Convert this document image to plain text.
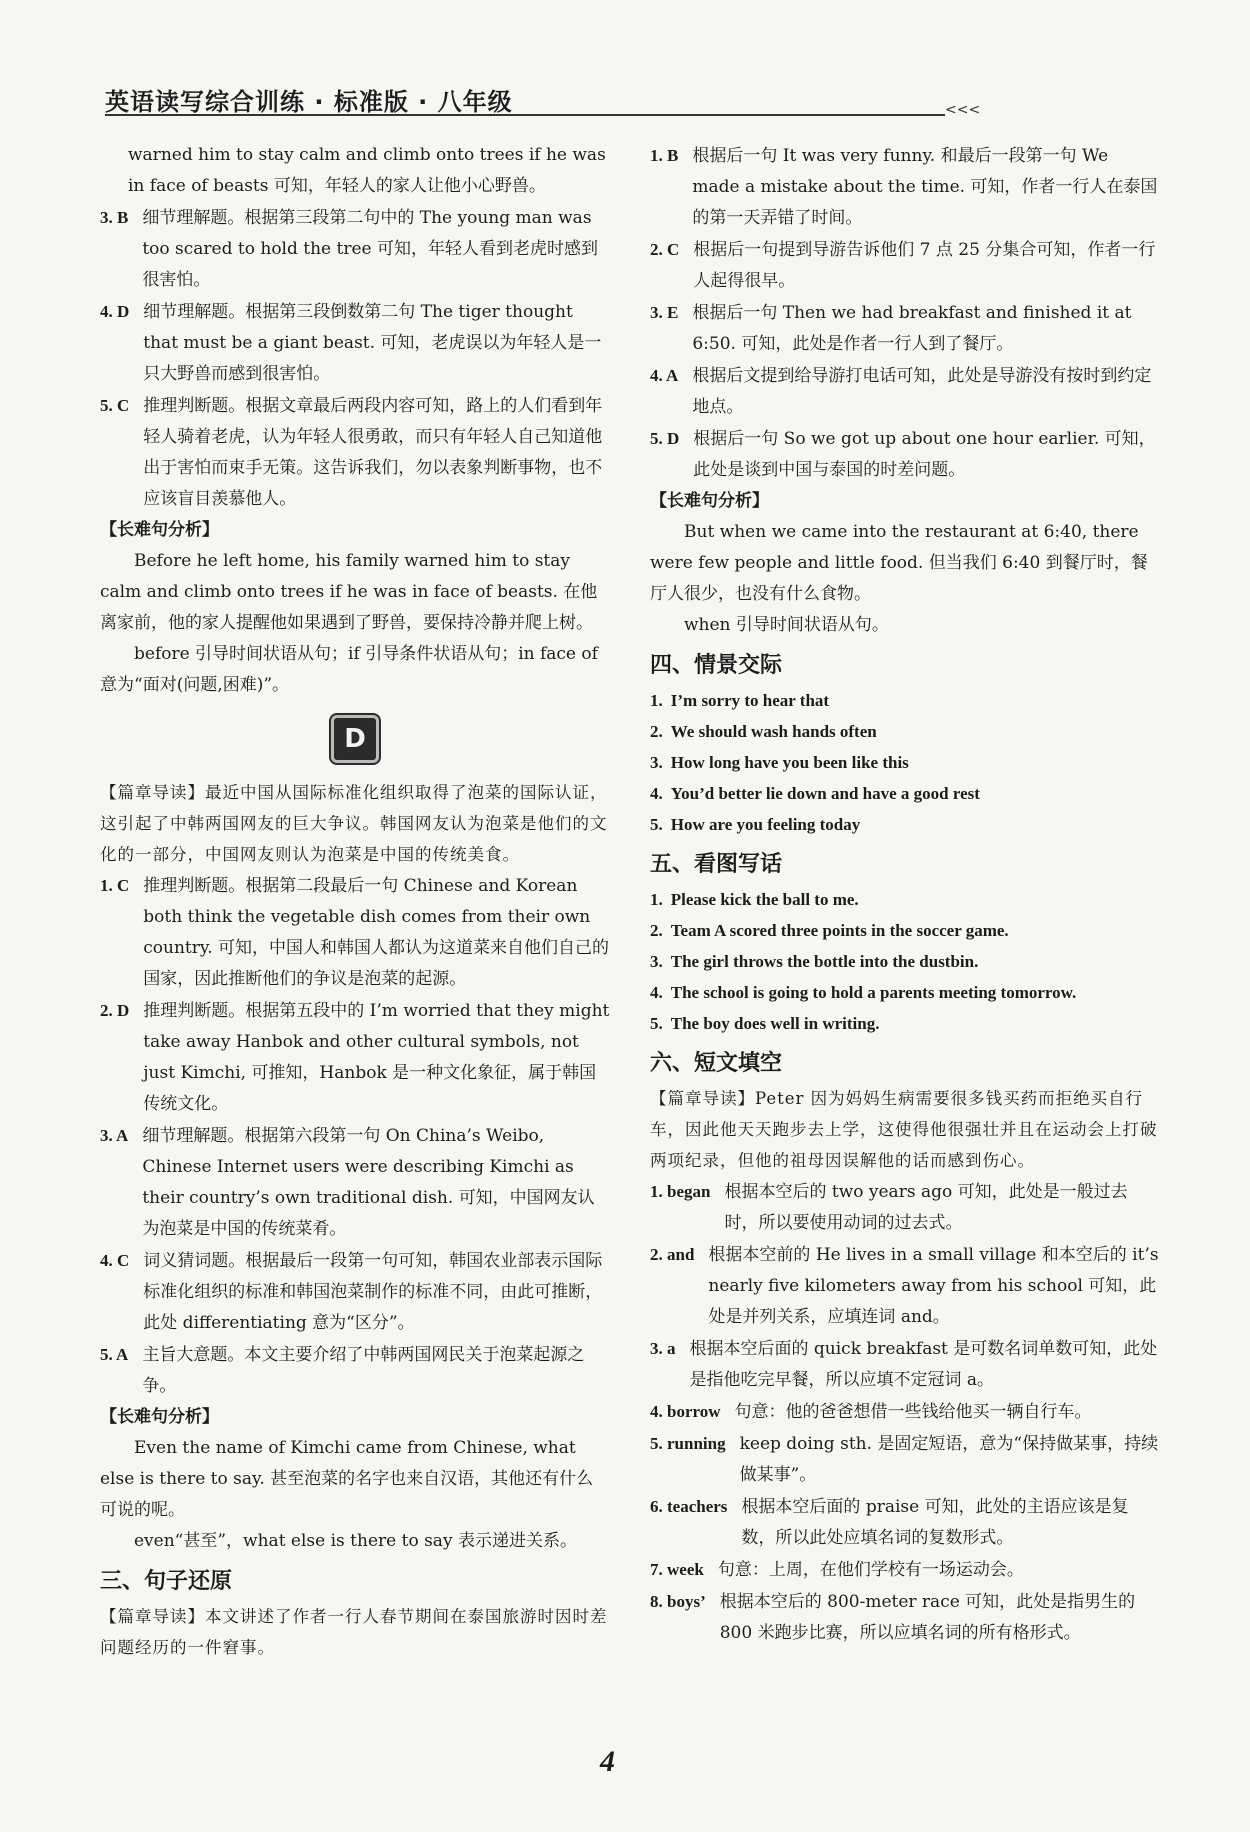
英语读写综合训练 · 标准版 · 八年级	<<<

warned him to stay calm and climb onto trees if he was in face of beasts 可知，年轻人的家人让他小心野兽。

3. B 细节理解题。根据第三段第二句中的 The young man was too scared to hold the tree 可知，年轻人看到老虎时感到很害怕。
4. D 细节理解题。根据第三段倒数第二句 The tiger thought that must be a giant beast. 可知，老虎误以为年轻人是一只大野兽而感到很害怕。
5. C 推理判断题。根据文章最后两段内容可知，路上的人们看到年轻人骑着老虎，认为年轻人很勇敢，而只有年轻人自己知道他出于害怕而束手无策。这告诉我们，勿以表象判断事物，也不应该盲目羡慕他人。

【长难句分析】

Before he left home, his family warned him to stay calm and climb onto trees if he was in face of beasts. 在他离家前，他的家人提醒他如果遇到了野兽，要保持冷静并爬上树。

before 引导时间状语从句；if 引导条件状语从句；in face of 意为“面对(问题,困难)”。

D

【篇章导读】最近中国从国际标准化组织取得了泡菜的国际认证，这引起了中韩两国网友的巨大争议。韩国网友认为泡菜是他们的文化的一部分，中国网友则认为泡菜是中国的传统美食。

1. C 推理判断题。根据第二段最后一句 Chinese and Korean both think the vegetable dish comes from their own country. 可知，中国人和韩国人都认为这道菜来自他们自己的国家，因此推断他们的争议是泡菜的起源。
2. D 推理判断题。根据第五段中的 I’m worried that they might take away Hanbok and other cultural symbols, not just Kimchi, 可推知，Hanbok 是一种文化象征，属于韩国传统文化。
3. A 细节理解题。根据第六段第一句 On China’s Weibo, Chinese Internet users were describing Kimchi as their country’s own traditional dish. 可知，中国网友认为泡菜是中国的传统菜肴。
4. C 词义猜词题。根据最后一段第一句可知，韩国农业部表示国际标准化组织的标准和韩国泡菜制作的标准不同，由此可推断，此处 differentiating 意为“区分”。
5. A 主旨大意题。本文主要介绍了中韩两国网民关于泡菜起源之争。

【长难句分析】

Even the name of Kimchi came from Chinese, what else is there to say. 甚至泡菜的名字也来自汉语，其他还有什么可说的呢。

even“甚至”，what else is there to say 表示递进关系。

三、句子还原

【篇章导读】本文讲述了作者一行人春节期间在泰国旅游时因时差问题经历的一件窘事。

1. B 根据后一句 It was very funny. 和最后一段第一句 We made a mistake about the time. 可知，作者一行人在泰国的第一天弄错了时间。
2. C 根据后一句提到导游告诉他们 7 点 25 分集合可知，作者一行人起得很早。
3. E 根据后一句 Then we had breakfast and finished it at 6:50. 可知，此处是作者一行人到了餐厅。
4. A 根据后文提到给导游打电话可知，此处是导游没有按时到约定地点。
5. D 根据后一句 So we got up about one hour earlier. 可知，此处是谈到中国与泰国的时差问题。

【长难句分析】

But when we came into the restaurant at 6:40, there were few people and little food. 但当我们 6:40 到餐厅时，餐厅人很少，也没有什么食物。

when 引导时间状语从句。

四、情景交际
1. I’m sorry to hear that
2. We should wash hands often
3. How long have you been like this
4. You’d better lie down and have a good rest
5. How are you feeling today
五、看图写话
1. Please kick the ball to me.
2. Team A scored three points in the soccer game.
3. The girl throws the bottle into the dustbin.
4. The school is going to hold a parents meeting tomorrow.
5. The boy does well in writing.
六、短文填空

【篇章导读】Peter 因为妈妈生病需要很多钱买药而拒绝买自行车，因此他天天跑步去上学，这使得他很强壮并且在运动会上打破两项纪录，但他的祖母因误解他的话而感到伤心。

1. began 根据本空后的 two years ago 可知，此处是一般过去时，所以要使用动词的过去式。
2. and 根据本空前的 He lives in a small village 和本空后的 it’s nearly five kilometers away from his school 可知，此处是并列关系，应填连词 and。
3. a 根据本空后面的 quick breakfast 是可数名词单数可知，此处是指他吃完早餐，所以应填不定冠词 a。
4. borrow 句意：他的爸爸想借一些钱给他买一辆自行车。
5. running keep doing sth. 是固定短语，意为“保持做某事，持续做某事”。
6. teachers 根据本空后面的 praise 可知，此处的主语应该是复数，所以此处应填名词的复数形式。
7. week 句意：上周，在他们学校有一场运动会。
8. boys’ 根据本空后的 800-meter race 可知，此处是指男生的 800 米跑步比赛，所以应填名词的所有格形式。
4
